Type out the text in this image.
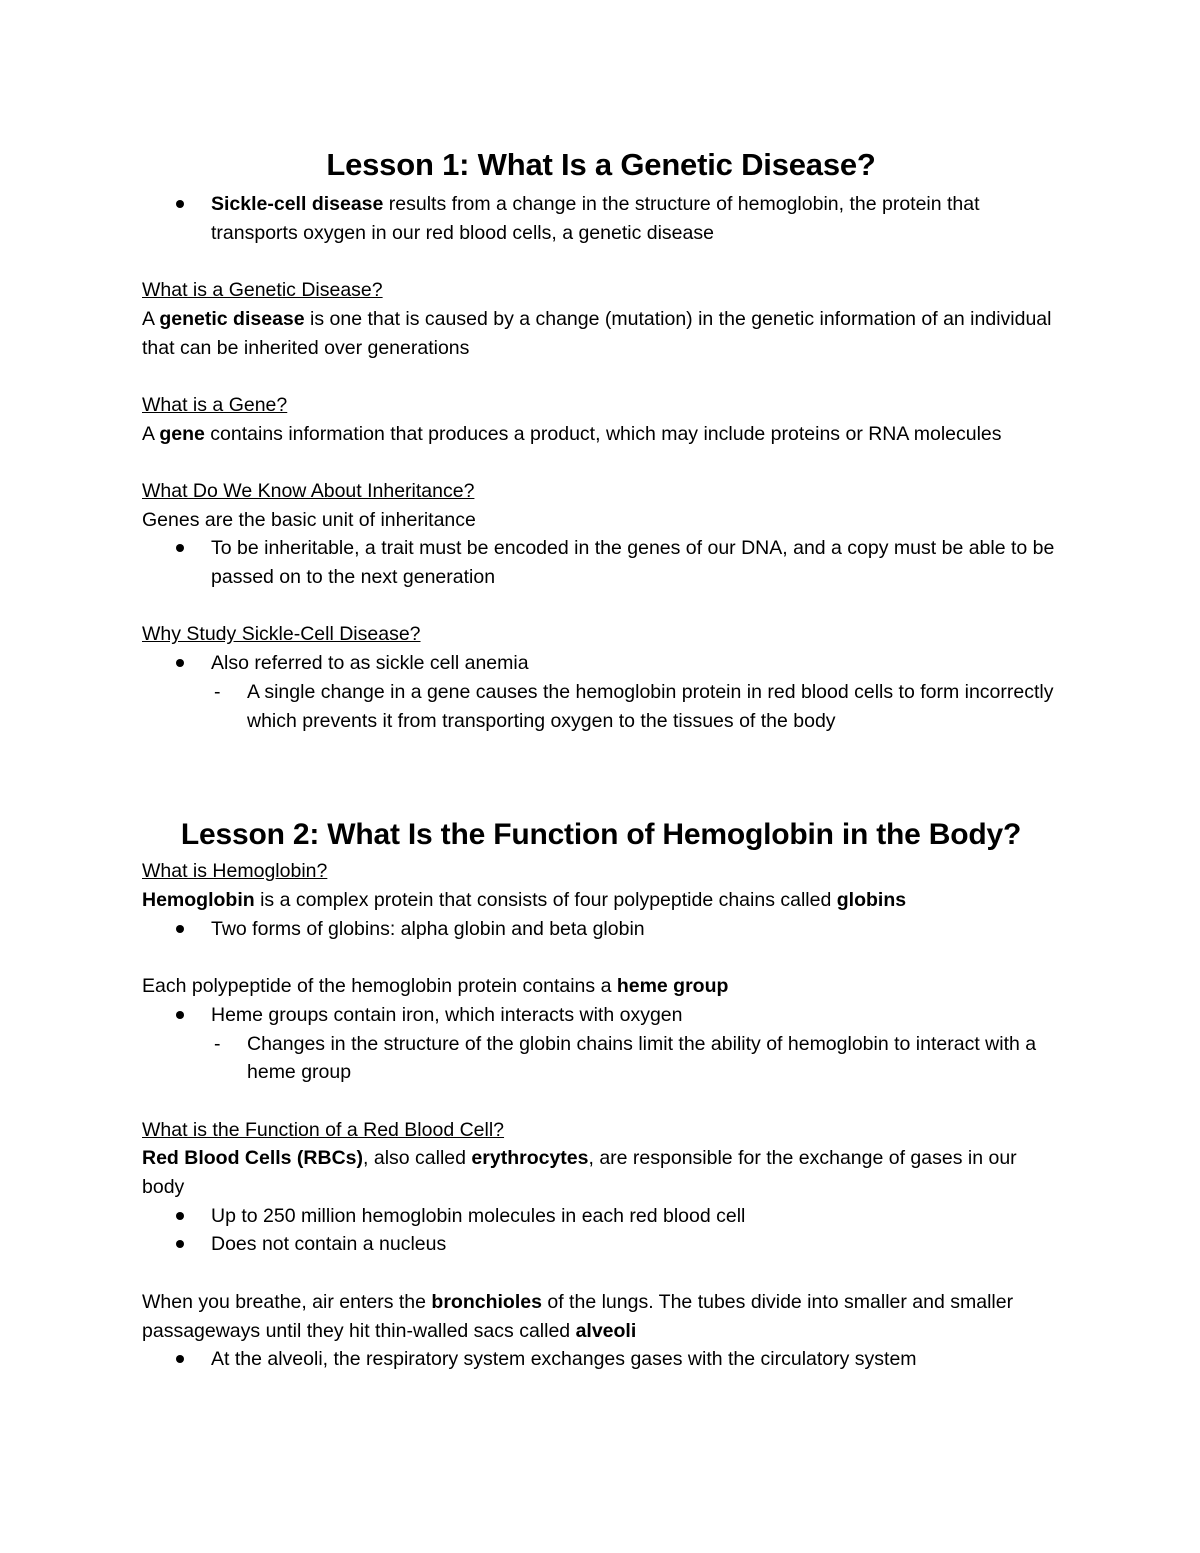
Lesson 1: What Is a Genetic Disease?
Sickle-cell disease results from a change in the structure of hemoglobin, the protein that transports oxygen in our red blood cells, a genetic disease

What is a Genetic Disease?

A genetic disease is one that is caused by a change (mutation) in the genetic information of an individual that can be inherited over generations

What is a Gene?

A gene contains information that produces a product, which may include proteins or RNA molecules

What Do We Know About Inheritance?

Genes are the basic unit of inheritance

To be inheritable, a trait must be encoded in the genes of our DNA, and a copy must be able to be passed on to the next generation

Why Study Sickle-Cell Disease?

Also referred to as sickle cell anemia
- A single change in a gene causes the hemoglobin protein in red blood cells to form incorrectly which prevents it from transporting oxygen to the tissues of the body
Lesson 2: What Is the Function of Hemoglobin in the Body?

What is Hemoglobin?

Hemoglobin is a complex protein that consists of four polypeptide chains called globins

Two forms of globins: alpha globin and beta globin

Each polypeptide of the hemoglobin protein contains a heme group

Heme groups contain iron, which interacts with oxygen
- Changes in the structure of the globin chains limit the ability of hemoglobin to interact with a heme group

What is the Function of a Red Blood Cell?

Red Blood Cells (RBCs), also called erythrocytes, are responsible for the exchange of gases in our body

Up to 250 million hemoglobin molecules in each red blood cell
Does not contain a nucleus

When you breathe, air enters the bronchioles of the lungs. The tubes divide into smaller and smaller passageways until they hit thin-walled sacs called alveoli

At the alveoli, the respiratory system exchanges gases with the circulatory system
